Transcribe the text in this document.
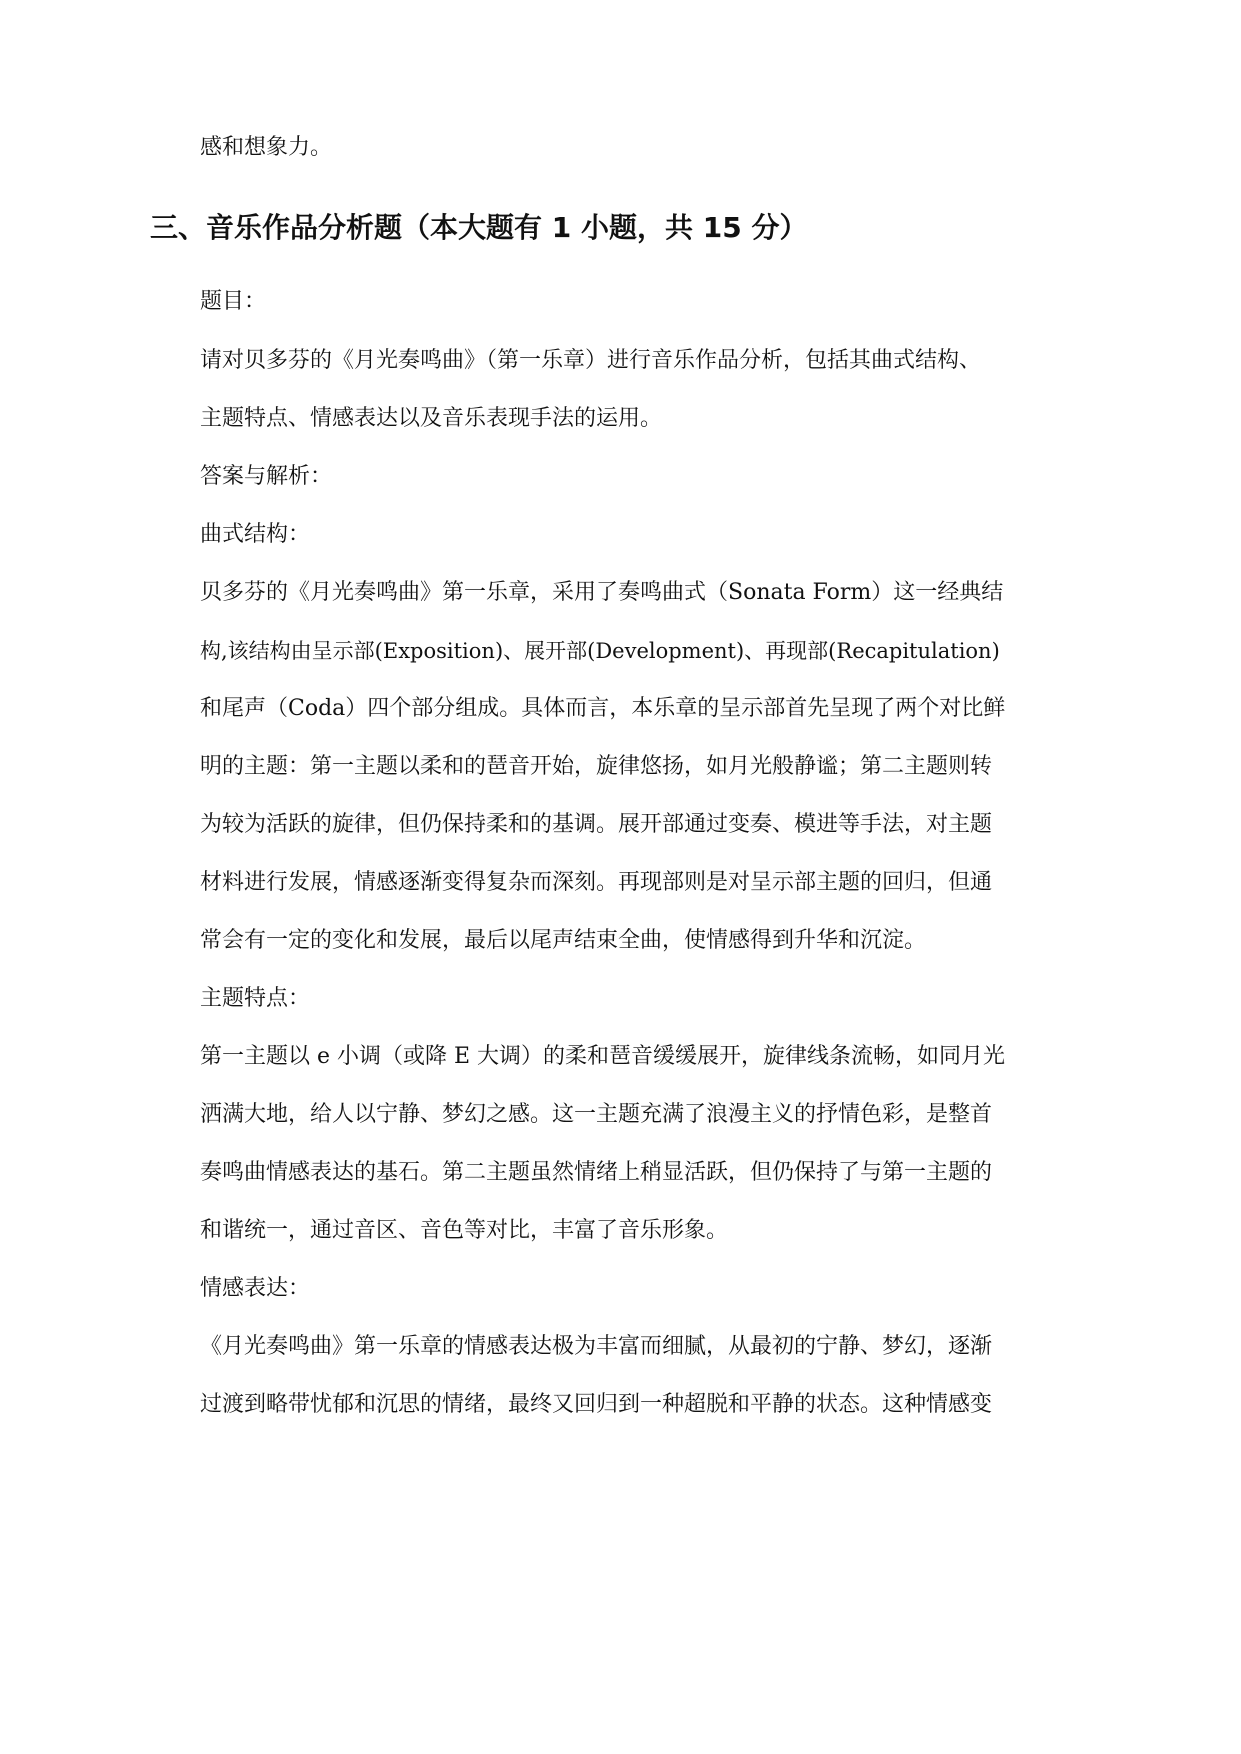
感和想象力。

三、音乐作品分析题（本大题有 1 小题，共 15 分）

题目：

请对贝多芬的《月光奏鸣曲》（第一乐章）进行音乐作品分析，包括其曲式结构、

主题特点、情感表达以及音乐表现手法的运用。

答案与解析：

曲式结构：

贝多芬的《月光奏鸣曲》第一乐章，采用了奏鸣曲式（Sonata Form）这一经典结

构,该结构由呈示部(Exposition)、展开部(Development)、再现部(Recapitulation)

和尾声（Coda）四个部分组成。具体而言，本乐章的呈示部首先呈现了两个对比鲜

明的主题：第一主题以柔和的琶音开始，旋律悠扬，如月光般静谧；第二主题则转

为较为活跃的旋律，但仍保持柔和的基调。展开部通过变奏、模进等手法，对主题

材料进行发展，情感逐渐变得复杂而深刻。再现部则是对呈示部主题的回归，但通

常会有一定的变化和发展，最后以尾声结束全曲，使情感得到升华和沉淀。

主题特点：

第一主题以 e 小调（或降 E 大调）的柔和琶音缓缓展开，旋律线条流畅，如同月光

洒满大地，给人以宁静、梦幻之感。这一主题充满了浪漫主义的抒情色彩，是整首

奏鸣曲情感表达的基石。第二主题虽然情绪上稍显活跃，但仍保持了与第一主题的

和谐统一，通过音区、音色等对比，丰富了音乐形象。

情感表达：

《月光奏鸣曲》第一乐章的情感表达极为丰富而细腻，从最初的宁静、梦幻，逐渐

过渡到略带忧郁和沉思的情绪，最终又回归到一种超脱和平静的状态。这种情感变
